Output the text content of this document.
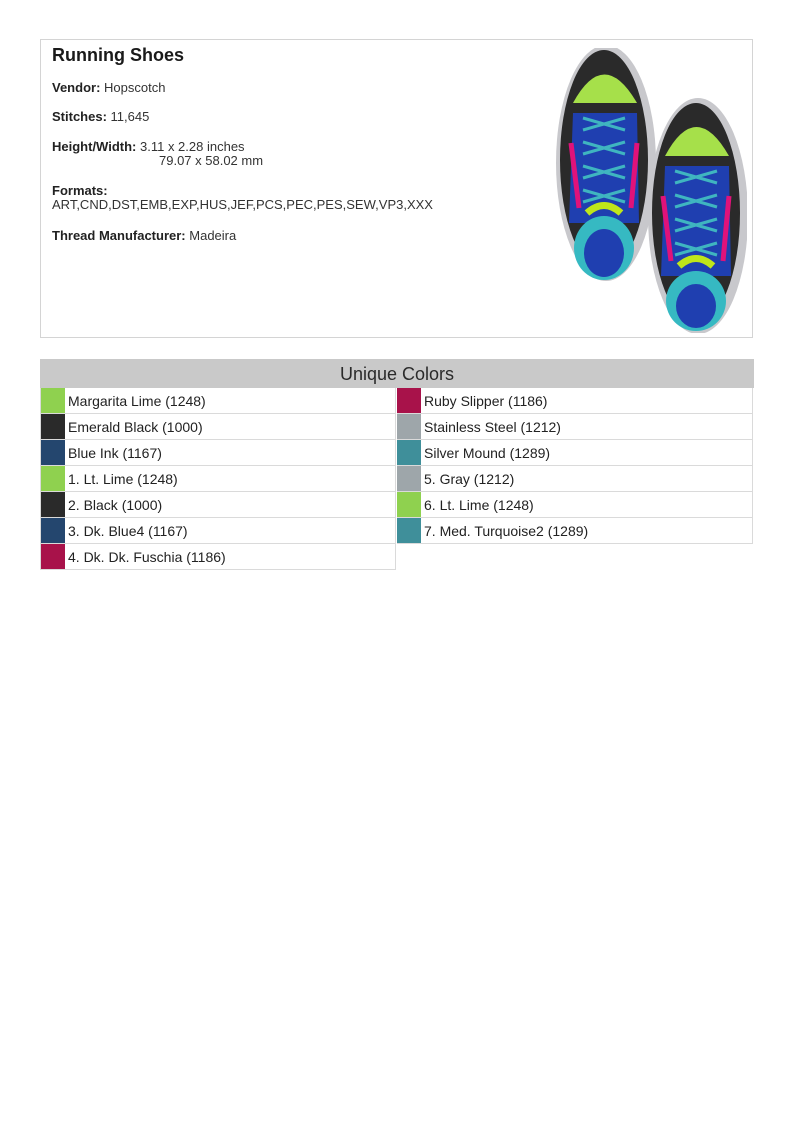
Running Shoes
Vendor: Hopscotch
Stitches: 11,645
Height/Width: 3.11 x 2.28 inches
79.07 x 58.02 mm
Formats:
ART,CND,DST,EMB,EXP,HUS,JEF,PCS,PEC,PES,SEW,VP3,XXX
Thread Manufacturer: Madeira
Unique Colors
Margarita Lime (1248)
Emerald Black (1000)
Blue Ink (1167)
1. Lt. Lime (1248)
2. Black (1000)
3. Dk. Blue4 (1167)
4. Dk. Dk. Fuschia (1186)
Ruby Slipper (1186)
Stainless Steel (1212)
Silver Mound (1289)
5. Gray (1212)
6. Lt. Lime (1248)
7. Med. Turquoise2 (1289)
